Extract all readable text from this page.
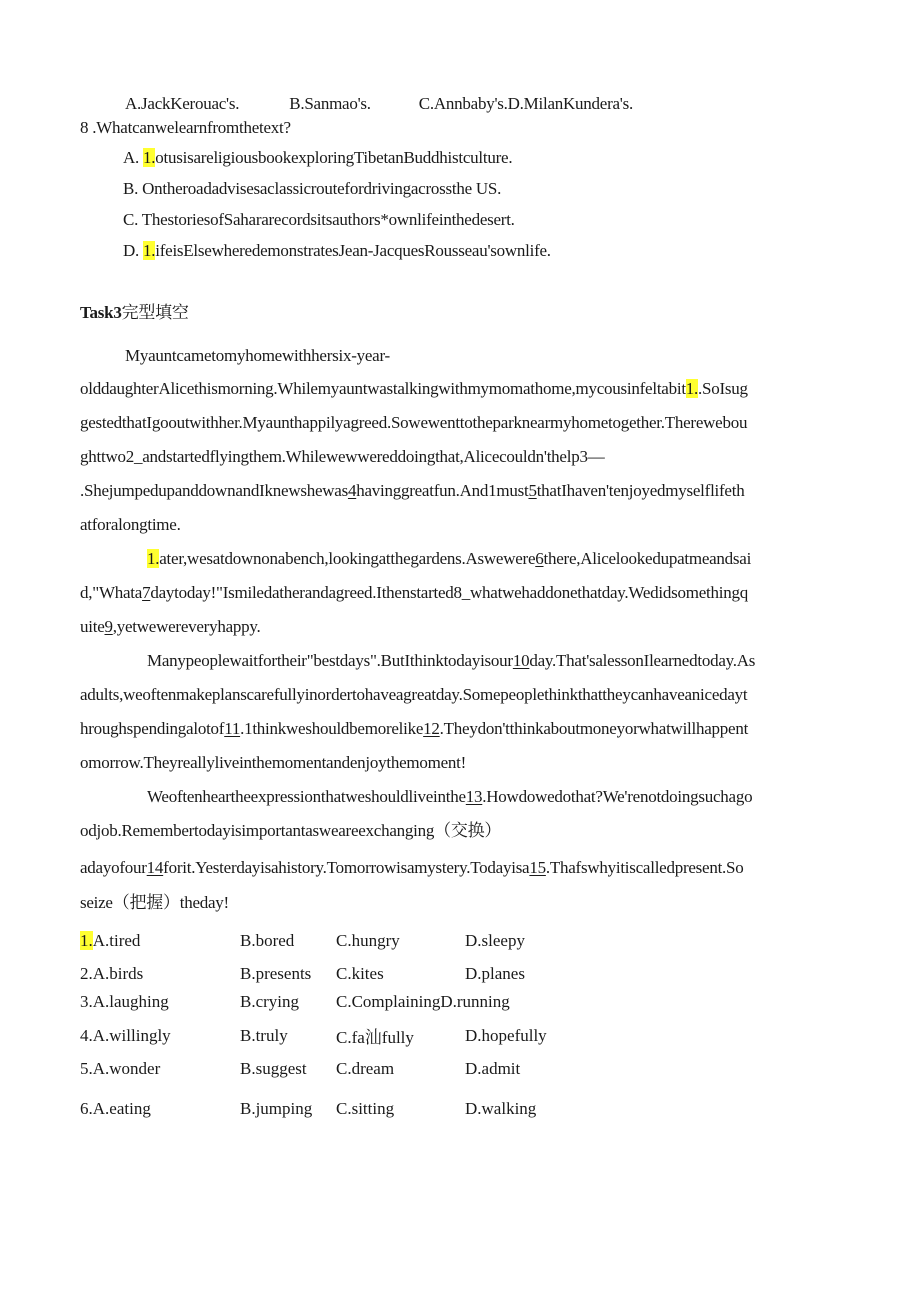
A.JackKerouac's.	B.Sanmao's.	C.Annbaby's.D.MilanKundera's.
8 .Whatcanwelearnfromthetext?
A. 1.otusisareligiousbookexploringTibetanBuddhistculture.
B. Ontheroadadvisesaclassicroutefordrivingacrossthe US.
C. ThestoriesofSahararecordsitsauthors*ownlifeinthedesert.
D. 1.ifeisElsewheredemonstratesJean-JacquesRousseau'sownlife.
Task3完型填空
Myauntcametomyhomewithhersix-year-
olddaughterAlicethismorning.Whilemyauntwastalkingwithmymomathome,mycousinfeltabit1..SoIsug
gestedthatIgooutwithher.Myaunthappilyagreed.Sowewenttotheparknearmyhometogether.Therewebou
ghttwo2_andstartedflyingthem.Whilewewwereddoingthat,Alicecouldn'thelp3—
.ShejumpedupanddownandIknewshewas4havinggreatfun.And1must5thatIhaven'tenjoyedmyselflifeth
atforalongtime.
1.ater,wesatdownonabench,lookingatthegardens.Aswewere6there,Alicelookedupatmeandsai
d,"Whata7daytoday!"Ismiledatherandagreed.Ithenstarted8_whatwehaddonethatday.Wedidsomethingq
uite9,yetwewereveryhappy.
Manypeoplewaitfortheir"bestdays".ButIthinktodayisour10day.That'salessonIlearnedtoday.As
adults,weoftenmakeplanscarefullyinordertohaveagreatday.Somepeoplethinkthattheycanhaveanicedayt
hroughspendingalotof11.1thinkweshouldbemorelike12.Theydon'tthinkaboutmoneyorwhatwillhappent
omorrow.Theyreallyliveinthemomentandenjoythemoment!
Weoftenheartheexpressionthatweshouldliveinthe13.Howdowedothat?We'renotdoingsuchago
odjob.Remembertodayisimportantasweareexchanging（交换）
adayofour14forit.Yesterdayisahistory.Tomorrowisamystery.Todayisa15.Thafswhyitiscalledpresent.So
seize（把握）theday!
1.A.tired	B.bored C.hungry	D.sleepy
2.A.birds	B.presents C.kites	D.planes
3.A.laughing	B.crying C.ComplainingD.running
4.A.willingly	B.truly	C.fa汕fully	D.hopefully
5.A.wonder	B.suggest C.dream	D.admit
6.A.eating	B.jumping C.sitting	D.walking
